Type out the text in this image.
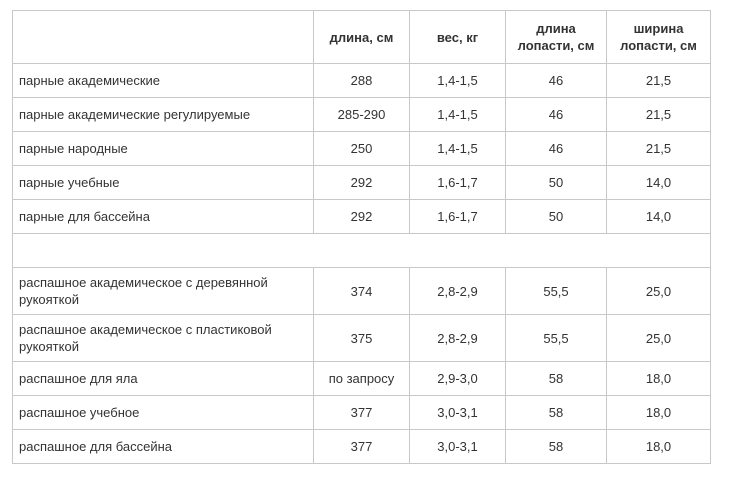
	длина, см	вес, кг	длина лопасти, см	ширина лопасти, см
парные академические	288	1,4-1,5	46	21,5
парные академические регулируемые	285-290	1,4-1,5	46	21,5
парные народные	250	1,4-1,5	46	21,5
парные учебные	292	1,6-1,7	50	14,0
парные для бассейна	292	1,6-1,7	50	14,0

распашное академическое с деревянной рукояткой	374	2,8-2,9	55,5	25,0
распашное академическое с пластиковой рукояткой	375	2,8-2,9	55,5	25,0
распашное для яла	по запросу	2,9-3,0	58	18,0
распашное учебное	377	3,0-3,1	58	18,0
распашное для бассейна	377	3,0-3,1	58	18,0
